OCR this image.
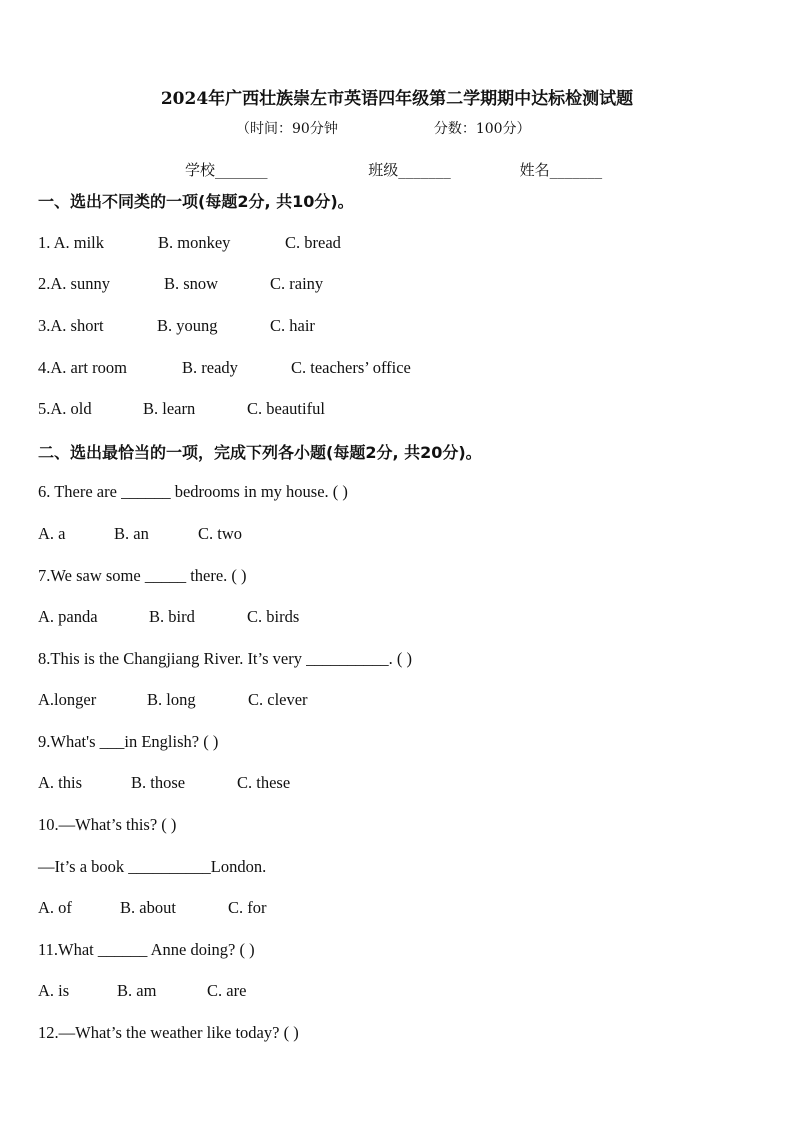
2024年广西壮族崇左市英语四年级第二学期期中达标检测试题
（时间：90分钟	分数：100分）
学校_______	班级_______	姓名_______
一、选出不同类的一项(每题2分, 共10分)。
1. A. milk	B. monkey	C. bread
2.A. sunny	B. snow	C. rainy
3.A. short	B. young	C. hair
4.A. art room	B. ready	C. teachers’ office
5.A. old	B. learn	C. beautiful
二、选出最恰当的一项，完成下列各小题(每题2分, 共20分)。
6. There are ______ bedrooms in my house. ( )
A. a	B. an	C. two
7.We saw some _____ there. ( )
A. panda	B. bird	C. birds
8.This is the Changjiang River. It’s very __________. ( )
A.longer	B. long	C. clever
9.What's ___in English? ( )
A. this	B. those	C. these
10.—What’s this? ( )
—It’s a book __________London.
A. of	B. about	C. for
11.What ______ Anne doing? ( )
A. is	B. am	C. are
12.—What’s the weather like today? ( )
